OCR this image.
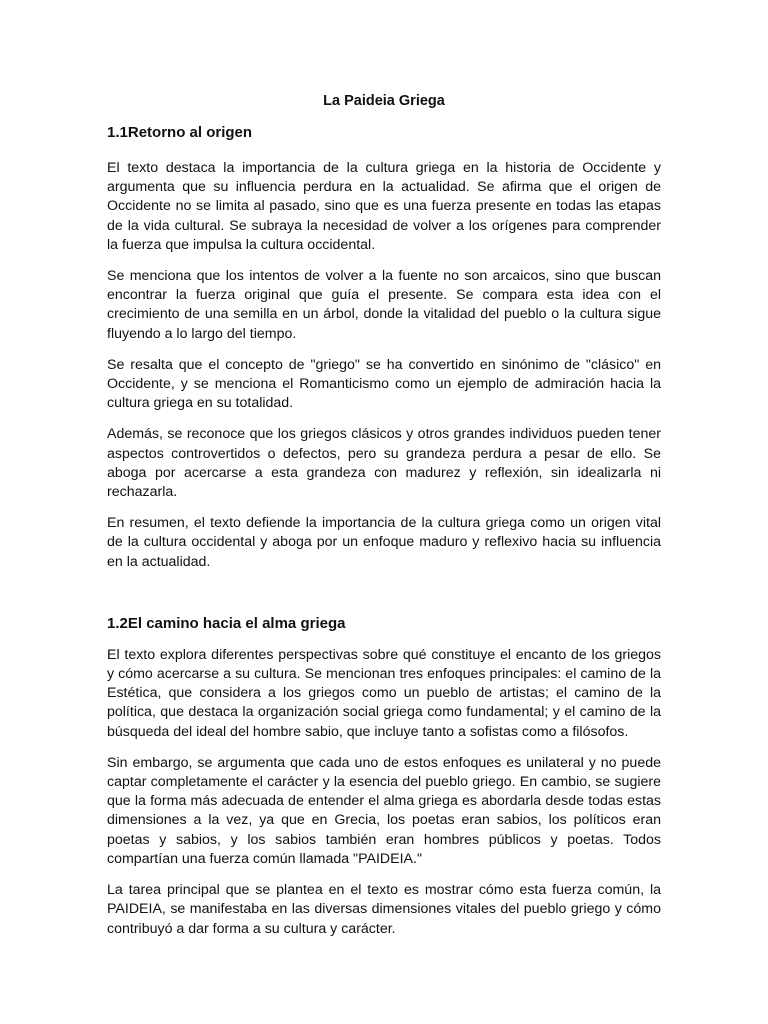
La Paideia Griega
1.1 Retorno al origen

El texto destaca la importancia de la cultura griega en la historia de Occidente y argumenta que su influencia perdura en la actualidad. Se afirma que el origen de Occidente no se limita al pasado, sino que es una fuerza presente en todas las etapas de la vida cultural. Se subraya la necesidad de volver a los orígenes para comprender la fuerza que impulsa la cultura occidental.

Se menciona que los intentos de volver a la fuente no son arcaicos, sino que buscan encontrar la fuerza original que guía el presente. Se compara esta idea con el crecimiento de una semilla en un árbol, donde la vitalidad del pueblo o la cultura sigue fluyendo a lo largo del tiempo.

Se resalta que el concepto de "griego" se ha convertido en sinónimo de "clásico" en Occidente, y se menciona el Romanticismo como un ejemplo de admiración hacia la cultura griega en su totalidad.

Además, se reconoce que los griegos clásicos y otros grandes individuos pueden tener aspectos controvertidos o defectos, pero su grandeza perdura a pesar de ello. Se aboga por acercarse a esta grandeza con madurez y reflexión, sin idealizarla ni rechazarla.

En resumen, el texto defiende la importancia de la cultura griega como un origen vital de la cultura occidental y aboga por un enfoque maduro y reflexivo hacia su influencia en la actualidad.

1.2 El camino hacia el alma griega

El texto explora diferentes perspectivas sobre qué constituye el encanto de los griegos y cómo acercarse a su cultura. Se mencionan tres enfoques principales: el camino de la Estética, que considera a los griegos como un pueblo de artistas; el camino de la política, que destaca la organización social griega como fundamental; y el camino de la búsqueda del ideal del hombre sabio, que incluye tanto a sofistas como a filósofos.

Sin embargo, se argumenta que cada uno de estos enfoques es unilateral y no puede captar completamente el carácter y la esencia del pueblo griego. En cambio, se sugiere que la forma más adecuada de entender el alma griega es abordarla desde todas estas dimensiones a la vez, ya que en Grecia, los poetas eran sabios, los políticos eran poetas y sabios, y los sabios también eran hombres públicos y poetas. Todos compartían una fuerza común llamada "PAIDEIA."

La tarea principal que se plantea en el texto es mostrar cómo esta fuerza común, la PAIDEIA, se manifestaba en las diversas dimensiones vitales del pueblo griego y cómo contribuyó a dar forma a su cultura y carácter.
